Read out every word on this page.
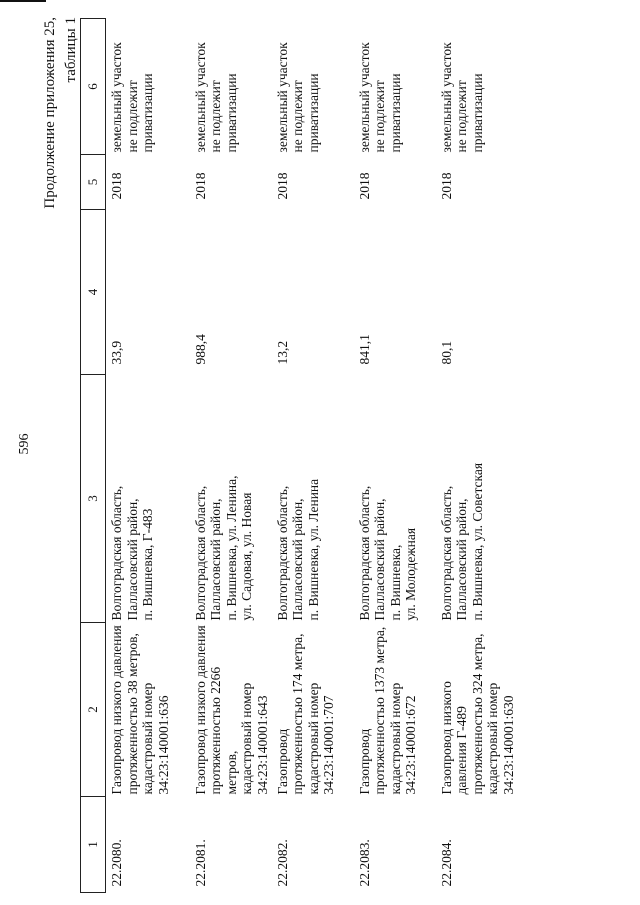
596
Продолжение приложения 25,
таблицы 1
1	2	3	4	5	6

22.2080.	Газопровод низкого давления
протяженностью 38 метров,
кадастровый номер
34:23:140001:636	Волгоградская область,
Палласовский район,
п. Вишневка, Г-483	33,9	2018	земельный участок
не подлежит
приватизации

22.2081.	Газопровод низкого давления
протяженностью 2266 метров,
кадастровый номер
34:23:140001:643	Волгоградская область,
Палласовский район,
п. Вишневка, ул. Ленина,
ул. Садовая, ул. Новая	988,4	2018	земельный участок
не подлежит
приватизации

22.2082.	Газопровод
протяженностью 174 метра,
кадастровый номер
34:23:140001:707	Волгоградская область,
Палласовский район,
п. Вишневка, ул. Ленина	13,2	2018	земельный участок
не подлежит
приватизации

22.2083.	Газопровод
протяженностью 1373 метра,
кадастровый номер
34:23:140001:672	Волгоградская область,
Палласовский район,
п. Вишневка,
ул. Молодежная	841,1	2018	земельный участок
не подлежит
приватизации

22.2084.	Газопровод низкого
давления Г-489
протяженностью 324 метра,
кадастровый номер
34:23:140001:630	Волгоградская область,
Палласовский район,
п. Вишневка, ул. Советская	80,1	2018	земельный участок
не подлежит
приватизации
